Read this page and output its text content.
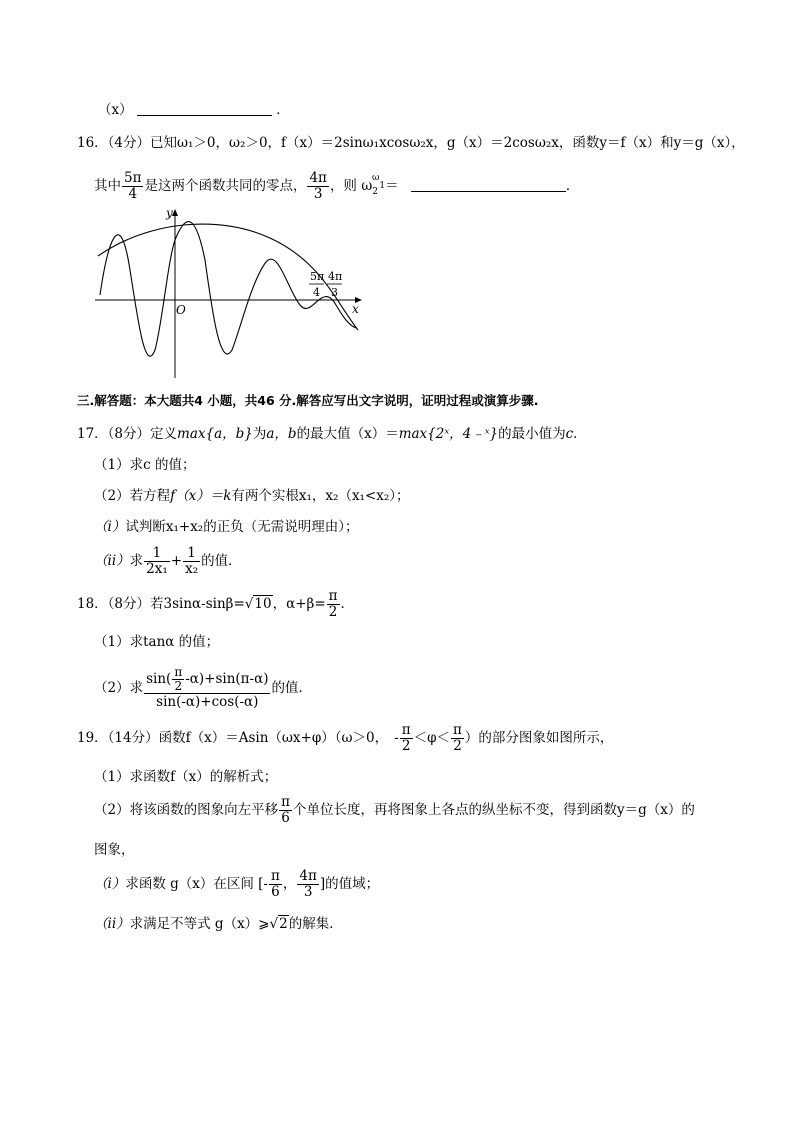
（x）	．
16．（4分）已知ω₁＞0，ω₂＞0，f（x）＝2sinω₁xcosω₂x，g（x）＝2cosω₂x，函数y＝f（x）和y＝g（x），
其中 $\frac{5\pi}{4}$ 是这两个函数共同的零点， $\frac{4\pi}{3}$ ，则 $\omega_2^\omega 1=$	．
y
x
O
5π
4
4π
3
三.解答题：本大题共4 小题，共46 分.解答应写出文字说明，证明过程或演算步骤.
17．（8分）定义max{a，b}为a，b的最大值（x）＝max{2ˣ，4﹣ˣ}的最小值为c．
（1）求c 的值；
（2）若方程f（x）＝k有两个实根x₁，x₂（x₁<x₂）；
（i）试判断x₁+x₂的正负（无需说明理由）；
（ii）求 $\frac{1}{\text{2x₁}} + \frac{1}{\text{x₂}}$ 的值．
18．（8分）若3sinα-sinβ=√10，$\alpha+\beta= \frac{\pi}{2}$ ．
（1）求tanα 的值；
（2）求 $\frac{\sin( \frac{\pi}{2} -\alpha)+\sin(\pi-\alpha)}{\sin(-\alpha)+\cos(-\alpha)}$ 的值．
19．（14分）函数f（x）＝Asin（ωx+φ）（ω＞0， - $\frac{\pi}{2} <\varphi< \frac{\pi}{2}$ ）的部分图象如图所示，
（1）求函数f（x）的解析式；
（2）将该函数的图象向左平移 $\frac{\pi}{6}$ 个单位长度，再将图象上各点的纵坐标不变，得到函数y＝g（x）的
图象，
（i）求函数 g（x）在区间 [- $\frac{\pi}{6}$ ， $\frac{4\pi}{3}$ ]的值域；
（ii）求满足不等式 g（x）⩾√2的解集．
